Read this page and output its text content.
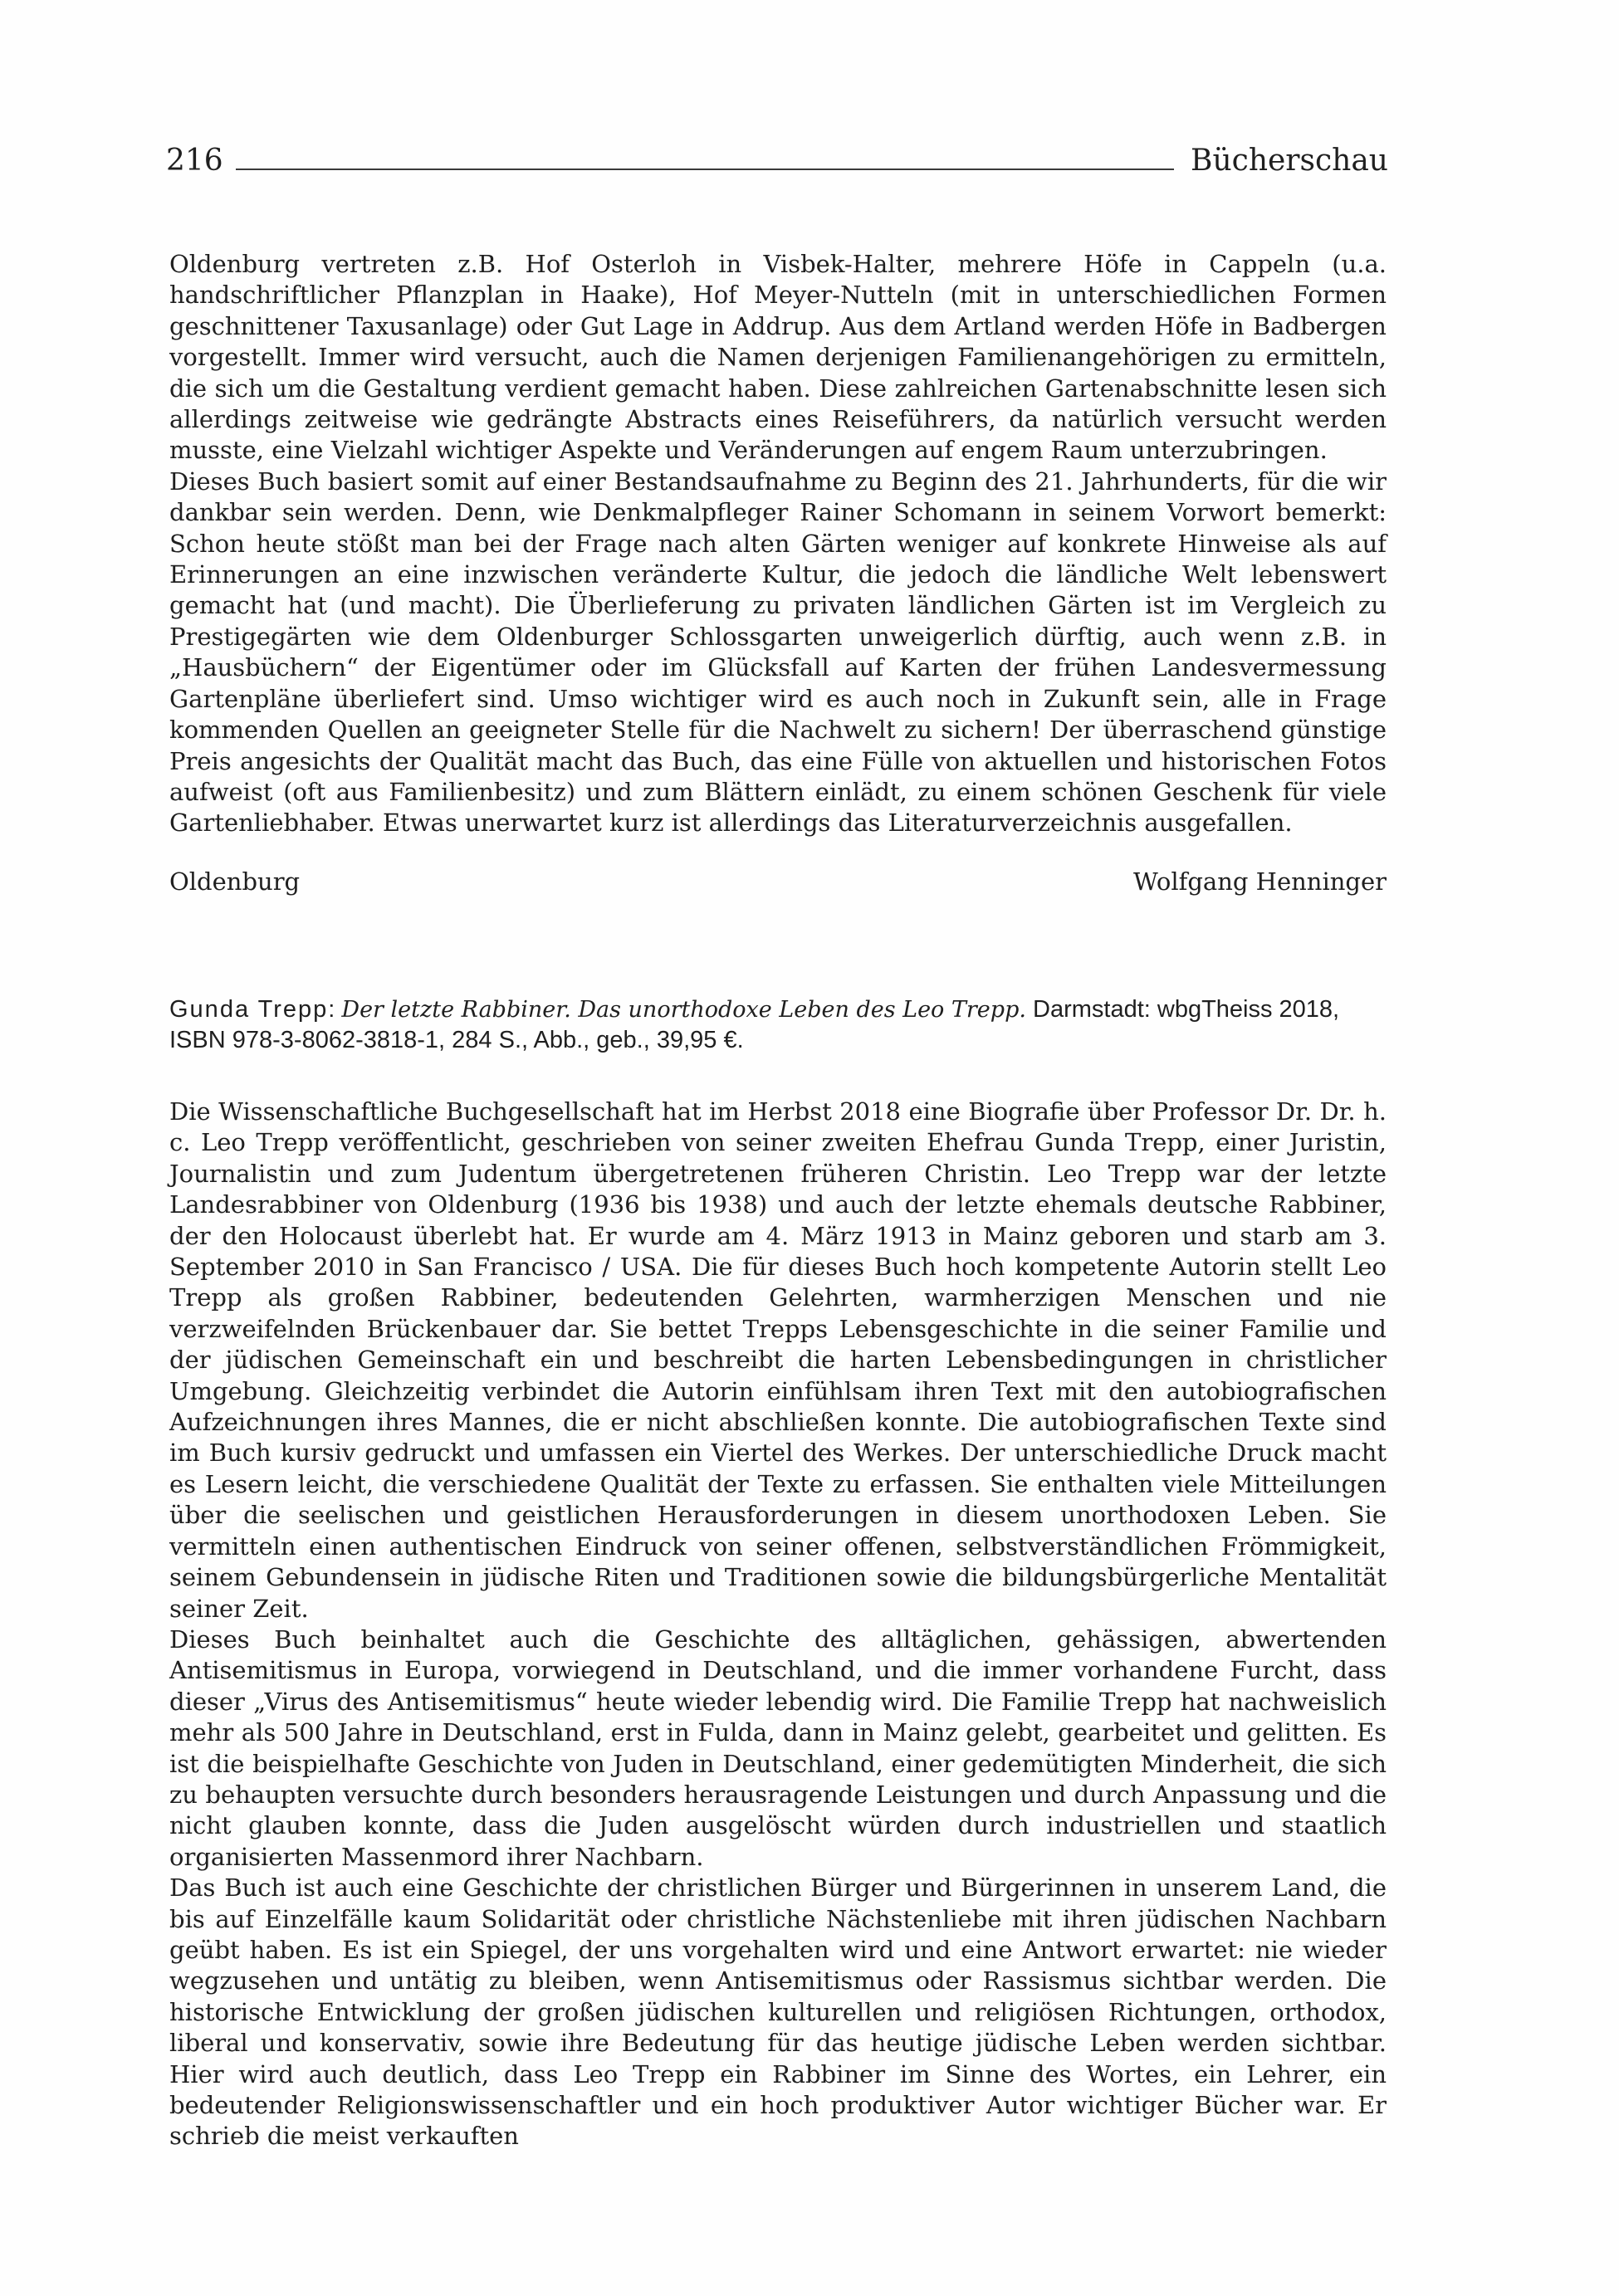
216	Bücherschau

Oldenburg vertreten z.B. Hof Osterloh in Visbek-Halter, mehrere Höfe in Cappeln (u.a. handschriftlicher Pflanzplan in Haake), Hof Meyer-Nutteln (mit in unterschiedlichen Formen geschnittener Taxusanlage) oder Gut Lage in Addrup. Aus dem Artland werden Höfe in Badbergen vorgestellt. Immer wird versucht, auch die Namen derjenigen Familienangehörigen zu ermitteln, die sich um die Gestaltung verdient gemacht haben. Diese zahlreichen Gartenabschnitte lesen sich allerdings zeitweise wie gedrängte Abstracts eines Reiseführers, da natürlich versucht werden musste, eine Vielzahl wichtiger Aspekte und Veränderungen auf engem Raum unterzubringen.

Dieses Buch basiert somit auf einer Bestandsaufnahme zu Beginn des 21. Jahrhunderts, für die wir dankbar sein werden. Denn, wie Denkmalpfleger Rainer Schomann in seinem Vorwort bemerkt: Schon heute stößt man bei der Frage nach alten Gärten weniger auf konkrete Hinweise als auf Erinnerungen an eine inzwischen veränderte Kultur, die jedoch die ländliche Welt lebenswert gemacht hat (und macht). Die Überlieferung zu privaten ländlichen Gärten ist im Vergleich zu Prestigegärten wie dem Oldenburger Schlossgarten unweigerlich dürftig, auch wenn z.B. in „Hausbüchern“ der Eigentümer oder im Glücksfall auf Karten der frühen Landesvermessung Gartenpläne überliefert sind. Umso wichtiger wird es auch noch in Zukunft sein, alle in Frage kommenden Quellen an geeigneter Stelle für die Nachwelt zu sichern! Der überraschend günstige Preis angesichts der Qualität macht das Buch, das eine Fülle von aktuellen und historischen Fotos aufweist (oft aus Familienbesitz) und zum Blättern einlädt, zu einem schönen Geschenk für viele Gartenliebhaber. Etwas unerwartet kurz ist allerdings das Literaturverzeichnis ausgefallen.

Oldenburg	Wolfgang Henninger
Gunda Trepp: Der letzte Rabbiner. Das unorthodoxe Leben des Leo Trepp. Darmstadt: wbgTheiss 2018,
ISBN 978-3-8062-3818-1, 284 S., Abb., geb., 39,95 €.

Die Wissenschaftliche Buchgesellschaft hat im Herbst 2018 eine Biografie über Professor Dr. Dr. h. c. Leo Trepp veröffentlicht, geschrieben von seiner zweiten Ehefrau Gunda Trepp, einer Juristin, Journalistin und zum Judentum übergetretenen früheren Christin. Leo Trepp war der letzte Landesrabbiner von Oldenburg (1936 bis 1938) und auch der letzte ehemals deutsche Rabbiner, der den Holocaust überlebt hat. Er wurde am 4. März 1913 in Mainz geboren und starb am 3. September 2010 in San Francisco / USA. Die für dieses Buch hoch kompetente Autorin stellt Leo Trepp als großen Rabbiner, bedeutenden Gelehrten, warmherzigen Menschen und nie verzweifelnden Brückenbauer dar. Sie bettet Trepps Lebensgeschichte in die seiner Familie und der jüdischen Gemeinschaft ein und beschreibt die harten Lebensbedingungen in christlicher Umgebung. Gleichzeitig verbindet die Autorin einfühlsam ihren Text mit den autobiografischen Aufzeichnungen ihres Mannes, die er nicht abschließen konnte. Die autobiografischen Texte sind im Buch kursiv gedruckt und umfassen ein Viertel des Werkes. Der unterschiedliche Druck macht es Lesern leicht, die verschiedene Qualität der Texte zu erfassen. Sie enthalten viele Mitteilungen über die seelischen und geistlichen Herausforderungen in diesem unorthodoxen Leben. Sie vermitteln einen authentischen Eindruck von seiner offenen, selbstverständlichen Frömmigkeit, seinem Gebundensein in jüdische Riten und Traditionen sowie die bildungsbürgerliche Mentalität seiner Zeit.

Dieses Buch beinhaltet auch die Geschichte des alltäglichen, gehässigen, abwertenden Antisemitismus in Europa, vorwiegend in Deutschland, und die immer vorhandene Furcht, dass dieser „Virus des Antisemitismus“ heute wieder lebendig wird. Die Familie Trepp hat nachweislich mehr als 500 Jahre in Deutschland, erst in Fulda, dann in Mainz gelebt, gearbeitet und gelitten. Es ist die beispielhafte Geschichte von Juden in Deutschland, einer gedemütigten Minderheit, die sich zu behaupten versuchte durch besonders herausragende Leistungen und durch Anpassung und die nicht glauben konnte, dass die Juden ausgelöscht würden durch industriellen und staatlich organisierten Massenmord ihrer Nachbarn.

Das Buch ist auch eine Geschichte der christlichen Bürger und Bürgerinnen in unserem Land, die bis auf Einzelfälle kaum Solidarität oder christliche Nächstenliebe mit ihren jüdischen Nachbarn geübt haben. Es ist ein Spiegel, der uns vorgehalten wird und eine Antwort erwartet: nie wieder wegzusehen und untätig zu bleiben, wenn Antisemitismus oder Rassismus sichtbar werden. Die historische Entwicklung der großen jüdischen kulturellen und religiösen Richtungen, orthodox, liberal und konservativ, sowie ihre Bedeutung für das heutige jüdische Leben werden sichtbar. Hier wird auch deutlich, dass Leo Trepp ein Rabbiner im Sinne des Wortes, ein Lehrer, ein bedeutender Religionswissenschaftler und ein hoch produktiver Autor wichtiger Bücher war. Er schrieb die meist verkauften
